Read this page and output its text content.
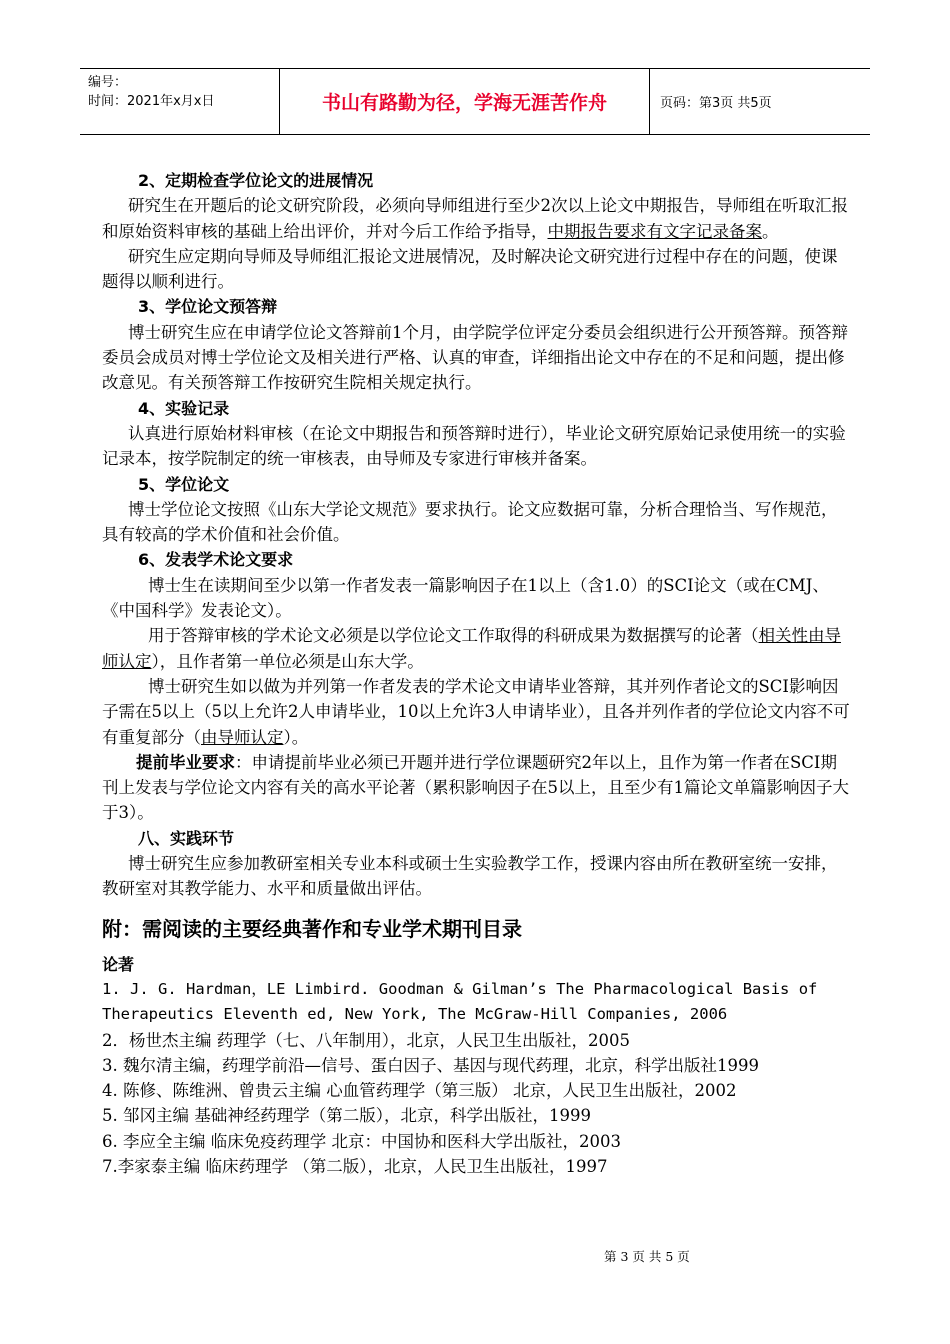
编号：
时间：2021年x月x日	书山有路勤为径，学海无涯苦作舟	页码：第3页 共5页

2、定期检查学位论文的进展情况

研究生在开题后的论文研究阶段，必须向导师组进行至少2次以上论文中期报告，导师组在听取汇报和原始资料审核的基础上给出评价，并对今后工作给予指导，中期报告要求有文字记录备案。

研究生应定期向导师及导师组汇报论文进展情况，及时解决论文研究进行过程中存在的问题，使课题得以顺利进行。

3、学位论文预答辩

博士研究生应在申请学位论文答辩前1个月，由学院学位评定分委员会组织进行公开预答辩。预答辩委员会成员对博士学位论文及相关进行严格、认真的审查，详细指出论文中存在的不足和问题，提出修改意见。有关预答辩工作按研究生院相关规定执行。

4、实验记录

认真进行原始材料审核（在论文中期报告和预答辩时进行），毕业论文研究原始记录使用统一的实验记录本，按学院制定的统一审核表，由导师及专家进行审核并备案。

5、学位论文

博士学位论文按照《山东大学论文规范》要求执行。论文应数据可靠，分析合理恰当、写作规范，具有较高的学术价值和社会价值。

6、发表学术论文要求

博士生在读期间至少以第一作者发表一篇影响因子在1以上（含1.0）的SCI论文（或在CMJ、《中国科学》发表论文）。

用于答辩审核的学术论文必须是以学位论文工作取得的科研成果为数据撰写的论著（相关性由导师认定），且作者第一单位必须是山东大学。

博士研究生如以做为并列第一作者发表的学术论文申请毕业答辩，其并列作者论文的SCI影响因子需在5以上（5以上允许2人申请毕业，10以上允许3人申请毕业），且各并列作者的学位论文内容不可有重复部分（由导师认定）。

提前毕业要求：申请提前毕业必须已开题并进行学位课题研究2年以上，且作为第一作者在SCI期刊上发表与学位论文内容有关的高水平论著（累积影响因子在5以上，且至少有1篇论文单篇影响因子大于3）。

八、实践环节

博士研究生应参加教研室相关专业本科或硕士生实验教学工作，授课内容由所在教研室统一安排，教研室对其教学能力、水平和质量做出评估。

附：需阅读的主要经典著作和专业学术期刊目录

论著

1. J. G. Hardman，LE Limbird. Goodman & Gilman’s The Pharmacological Basis of Therapeutics Eleventh ed, New York, The McGraw-Hill Companies, 2006

2．杨世杰主编 药理学（七、八年制用），北京，人民卫生出版社，2005

3. 魏尔清主编，药理学前沿—信号、蛋白因子、基因与现代药理，北京，科学出版社1999

4. 陈修、陈维洲、曾贵云主编 心血管药理学（第三版） 北京，人民卫生出版社，2002

5. 邹冈主编 基础神经药理学（第二版），北京，科学出版社，1999

6. 李应全主编 临床免疫药理学 北京：中国协和医科大学出版社，2003

7.李家泰主编 临床药理学 （第二版），北京，人民卫生出版社，1997

第 3 页 共 5 页
